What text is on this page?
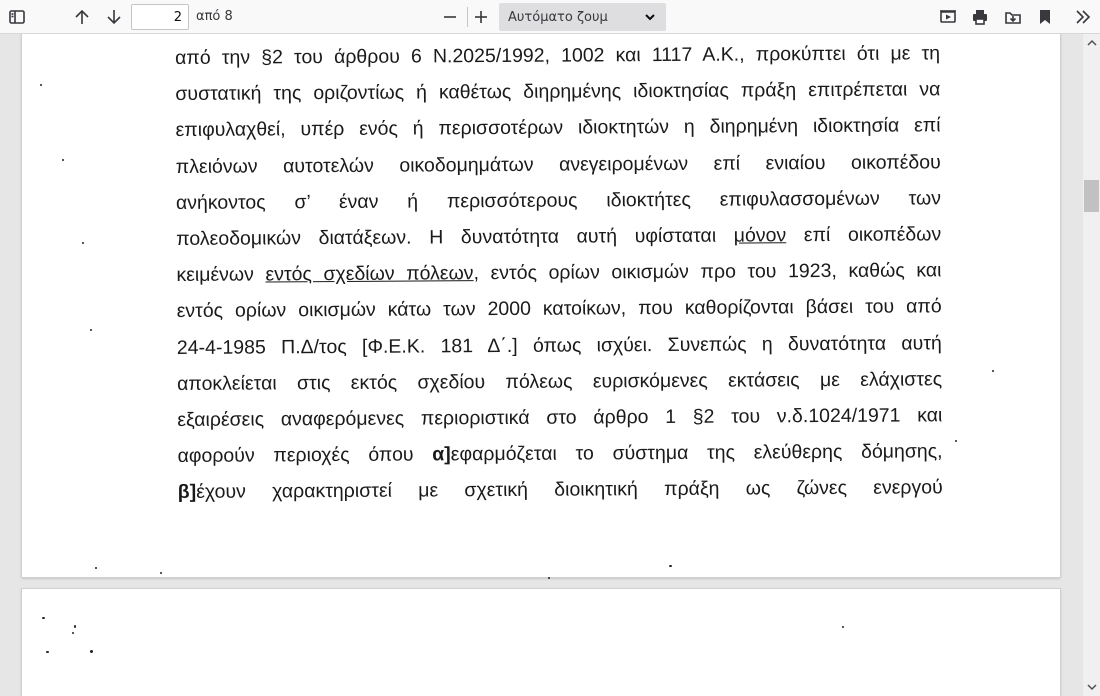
2
από 8	Αυτόματο ζουμ
από την §2 του άρθρου 6 Ν.2025/1992, 1002 και 1117 Α.Κ., προκύπτει ότι με τη
συστατική της οριζοντίως ή καθέτως διηρημένης ιδιοκτησίας πράξη επιτρέπεται να
επιφυλαχθεί, υπέρ ενός ή περισσοτέρων ιδιοκτητών η διηρημένη ιδιοκτησία επί
πλειόνων αυτοτελών οικοδομημάτων ανεγειρομένων επί ενιαίου οικοπέδου
ανήκοντος σ’ έναν ή περισσότερους ιδιοκτήτες επιφυλασσομένων των
πολεοδομικών διατάξεων. Η δυνατότητα αυτή υφίσταται μόνον επί οικοπέδων
κειμένων εντός σχεδίων πόλεων, εντός ορίων οικισμών προ του 1923, καθώς και
εντός ορίων οικισμών κάτω των 2000 κατοίκων, που καθορίζονται βάσει του από
24-4-1985 Π.Δ/τος [Φ.Ε.Κ. 181 Δ΄.] όπως ισχύει. Συνεπώς η δυνατότητα αυτή
αποκλείεται στις εκτός σχεδίου πόλεως ευρισκόμενες εκτάσεις με ελάχιστες
εξαιρέσεις αναφερόμενες περιοριστικά στο άρθρο 1 §2 του ν.δ.1024/1971 και
αφορούν περιοχές όπου α]εφαρμόζεται το σύστημα της ελεύθερης δόμησης,
β]έχουν χαρακτηριστεί με σχετική διοικητική πράξη ως ζώνες ενεργού
